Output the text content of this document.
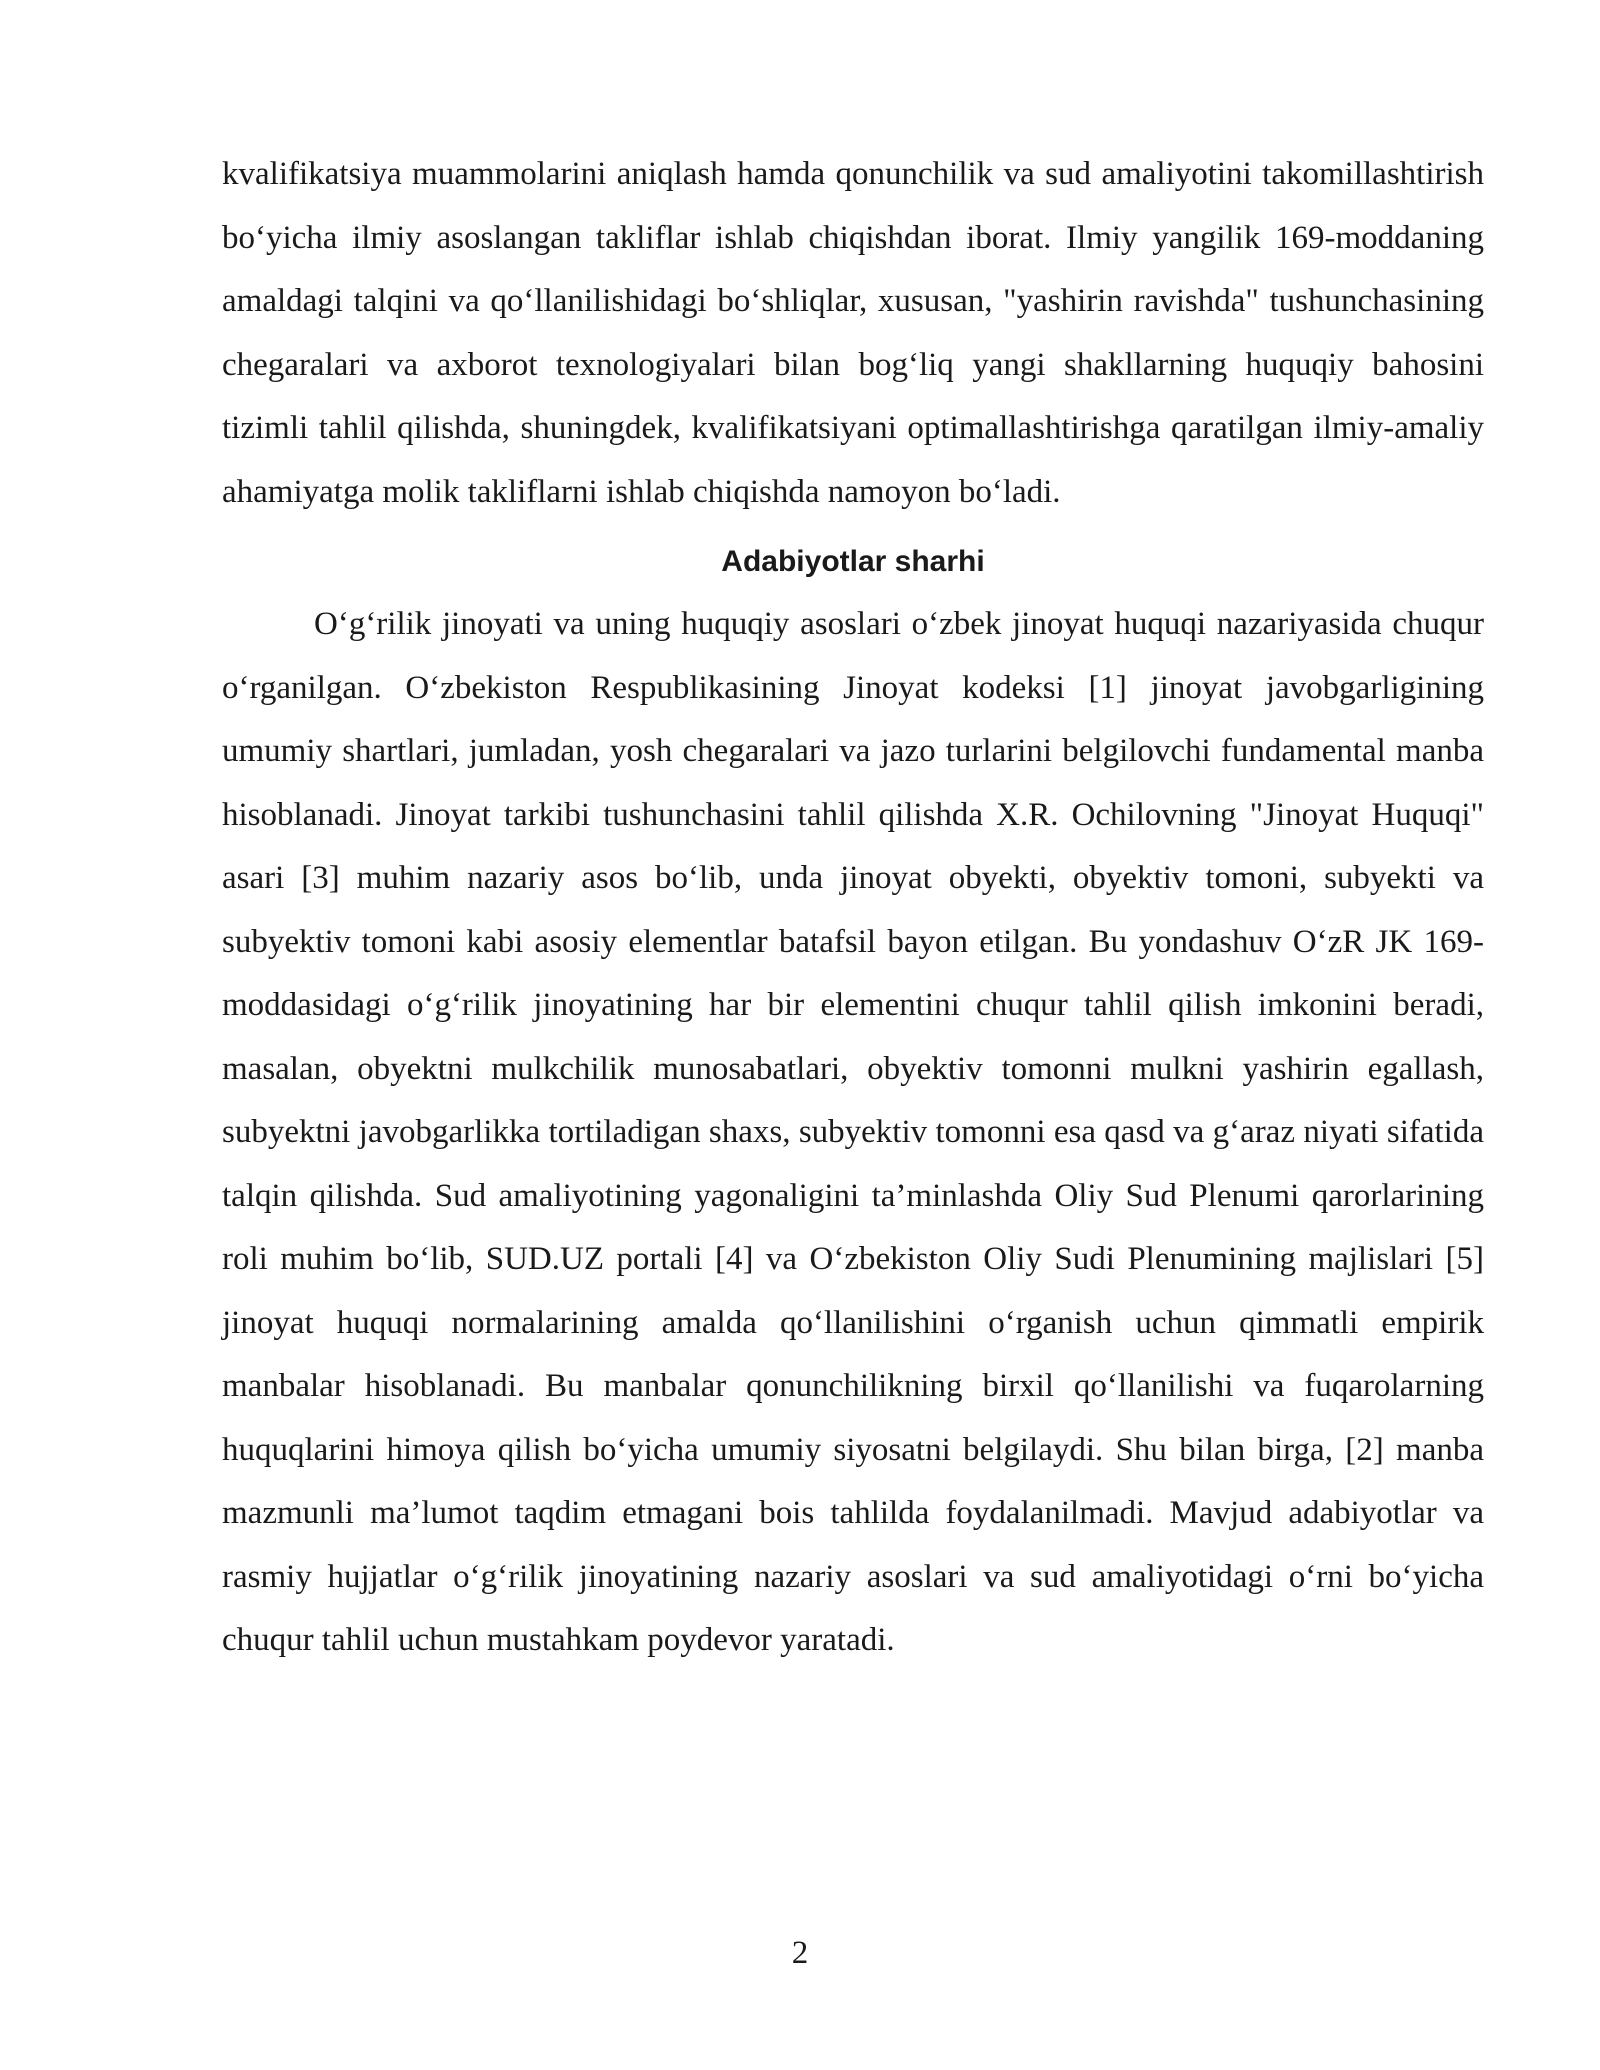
kvalifikatsiya muammolarini aniqlash hamda qonunchilik va sud amaliyotini takomillashtirish bo‘yicha ilmiy asoslangan takliflar ishlab chiqishdan iborat. Ilmiy yangilik 169-moddaning amaldagi talqini va qo‘llanilishidagi bo‘shliqlar, xususan, "yashirin ravishda" tushunchasining chegaralari va axborot texnologiyalari bilan bog‘liq yangi shakllarning huquqiy bahosini tizimli tahlil qilishda, shuningdek, kvalifikatsiyani optimallashtirishga qaratilgan ilmiy-amaliy ahamiyatga molik takliflarni ishlab chiqishda namoyon bo‘ladi.

Adabiyotlar sharhi

O‘g‘rilik jinoyati va uning huquqiy asoslari o‘zbek jinoyat huquqi nazariyasida chuqur o‘rganilgan. O‘zbekiston Respublikasining Jinoyat kodeksi [1] jinoyat javobgarligining umumiy shartlari, jumladan, yosh chegaralari va jazo turlarini belgilovchi fundamental manba hisoblanadi. Jinoyat tarkibi tushunchasini tahlil qilishda X.R. Ochilovning "Jinoyat Huquqi" asari [3] muhim nazariy asos bo‘lib, unda jinoyat obyekti, obyektiv tomoni, subyekti va subyektiv tomoni kabi asosiy elementlar batafsil bayon etilgan. Bu yondashuv O‘zR JK 169-moddasidagi o‘g‘rilik jinoyatining har bir elementini chuqur tahlil qilish imkonini beradi, masalan, obyektni mulkchilik munosabatlari, obyektiv tomonni mulkni yashirin egallash, subyektni javobgarlikka tortiladigan shaxs, subyektiv tomonni esa qasd va g‘araz niyati sifatida talqin qilishda. Sud amaliyotining yagonaligini ta’minlashda Oliy Sud Plenumi qarorlarining roli muhim bo‘lib, SUD.UZ portali [4] va O‘zbekiston Oliy Sudi Plenumining majlislari [5] jinoyat huquqi normalarining amalda qo‘llanilishini o‘rganish uchun qimmatli empirik manbalar hisoblanadi. Bu manbalar qonunchilikning birxil qo‘llanilishi va fuqarolarning huquqlarini himoya qilish bo‘yicha umumiy siyosatni belgilaydi. Shu bilan birga, [2] manba mazmunli ma’lumot taqdim etmagani bois tahlilda foydalanilmadi. Mavjud adabiyotlar va rasmiy hujjatlar o‘g‘rilik jinoyatining nazariy asoslari va sud amaliyotidagi o‘rni bo‘yicha chuqur tahlil uchun mustahkam poydevor yaratadi.

2
